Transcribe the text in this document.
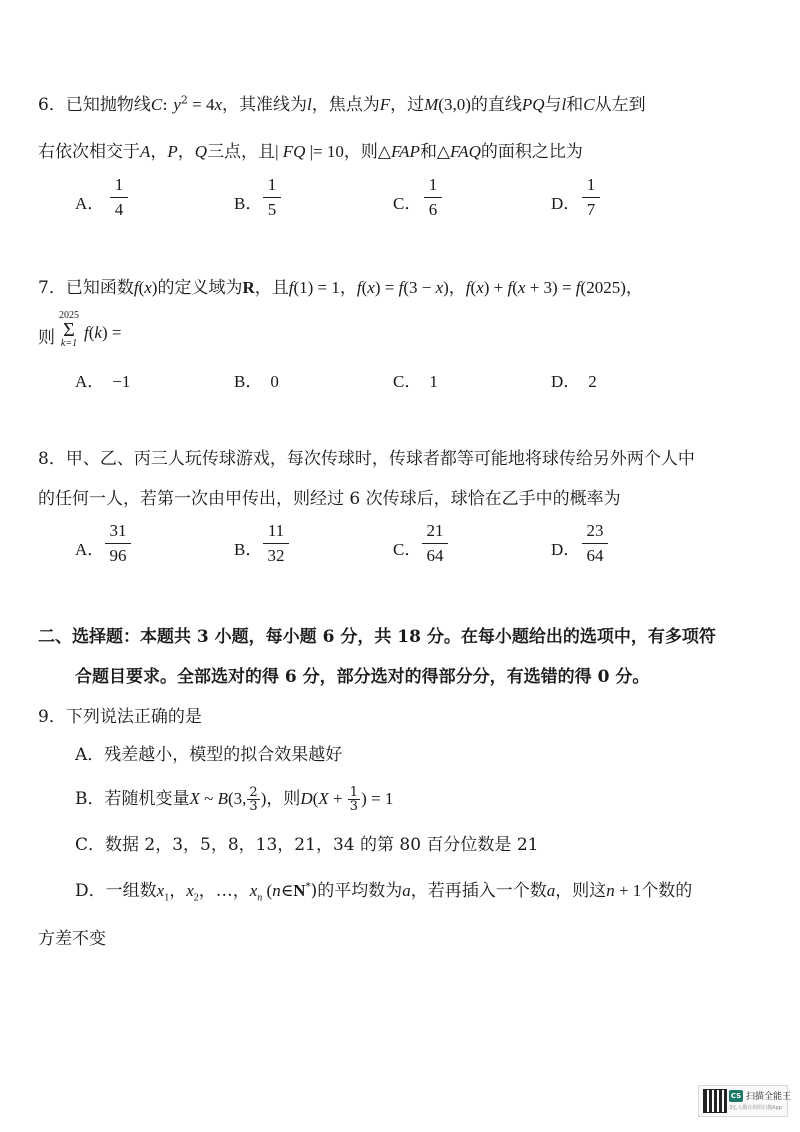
6．已知抛物线C: $y^2 = 4x$，其准线为l，焦点为F，过M(3,0)的直线PQ与l和C从左到
右依次相交于A，P，Q三点，且| FQ |= 10，则△FAP和△FAQ的面积之比为
A．
1
4	B．
1
5	C．
1
6	D．
1
7
7．已知函数f(x)的定义域为R，且f(1) = 1，f(x) = f(3 − x)，f(x) + f(x + 3) = f(2025)，
则
2025
Σ
k=1
f(k) =
A． −1	B． 0	C． 1	D． 2
8．甲、乙、丙三人玩传球游戏，每次传球时，传球者都等可能地将球传给另外两个人中
的任何一人，若第一次由甲传出，则经过 6 次传球后，球恰在乙手中的概率为
A．
31
96	B．
11
32	C．
21
64	D．
23
64
二、选择题：本题共 3 小题，每小题 6 分，共 18 分。在每小题给出的选项中，有多项符
合题目要求。全部选对的得 6 分，部分选对的得部分分，有选错的得 0 分。
9．下列说法正确的是
A．残差越小，模型的拟合效果越好
B．若随机变量X ~ B(3, $\frac{2}{3}$ )，则$D(X + \frac{1}{3}$ ) = 1
C．数据 2，3，5，8，13，21，34 的第 80 百分位数是 21
D．一组数$x_1$，$x_2$，…，$x_n$ (n∈N*)的平均数为a，若再插入一个数a，则这n + 1个数的
方差不变
CS 扫描全能王
3亿人都在用的扫描App
